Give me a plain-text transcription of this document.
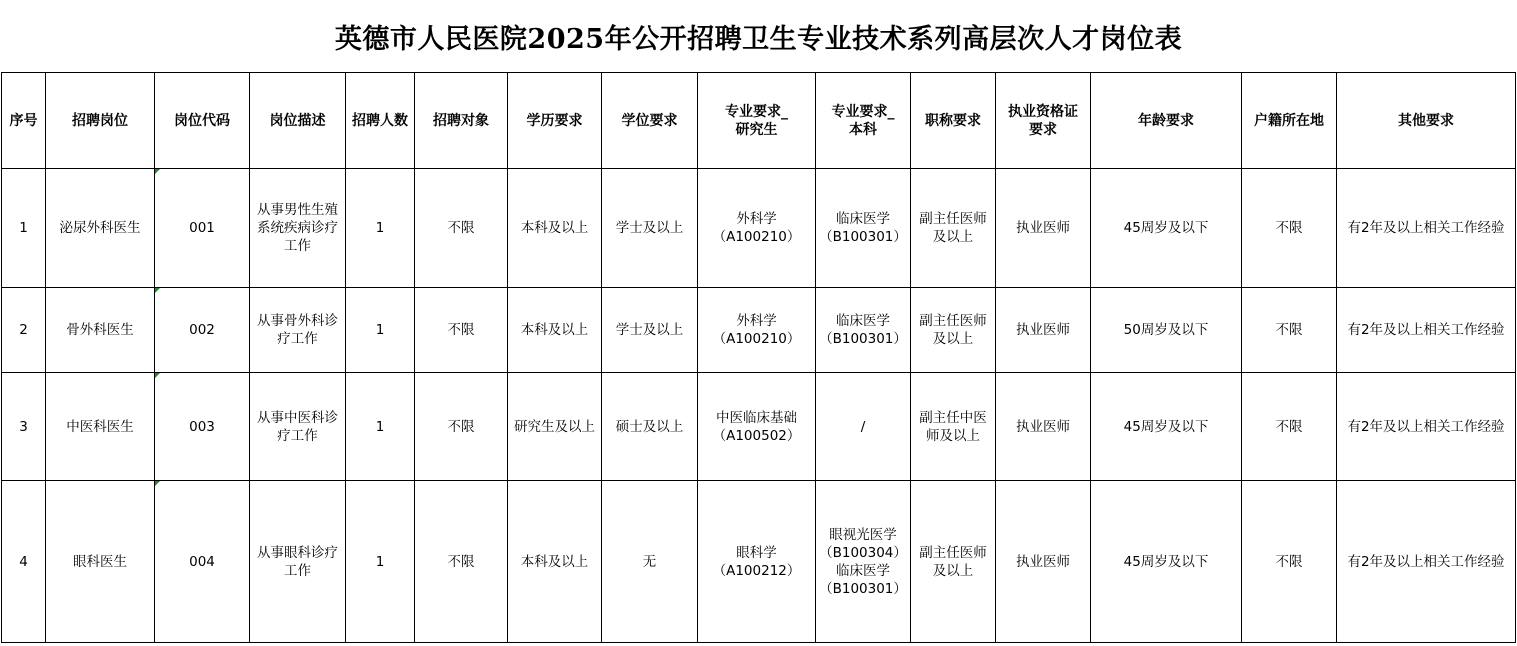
英德市人民医院2025年公开招聘卫生专业技术系列高层次人才岗位表
序号	招聘岗位	岗位代码	岗位描述	招聘人数	招聘对象	学历要求	学位要求	专业要求_
研究生	专业要求_
本科	职称要求	执业资格证
要求	年龄要求	户籍所在地	其他要求
1	泌尿外科医生	001	从事男性生殖系统疾病诊疗工作	1	不限	本科及以上	学士及以上	外科学
（A100210）	临床医学
（B100301）	副主任医师及以上	执业医师	45周岁及以下	不限	有2年及以上相关工作经验
2	骨外科医生	002	从事骨外科诊疗工作	1	不限	本科及以上	学士及以上	外科学
（A100210）	临床医学
（B100301）	副主任医师及以上	执业医师	50周岁及以下	不限	有2年及以上相关工作经验
3	中医科医生	003	从事中医科诊疗工作	1	不限	研究生及以上	硕士及以上	中医临床基础
（A100502）	/	副主任中医师及以上	执业医师	45周岁及以下	不限	有2年及以上相关工作经验
4	眼科医生	004	从事眼科诊疗工作	1	不限	本科及以上	无	眼科学
（A100212）	眼视光医学
（B100304）
临床医学
（B100301）	副主任医师及以上	执业医师	45周岁及以下	不限	有2年及以上相关工作经验
